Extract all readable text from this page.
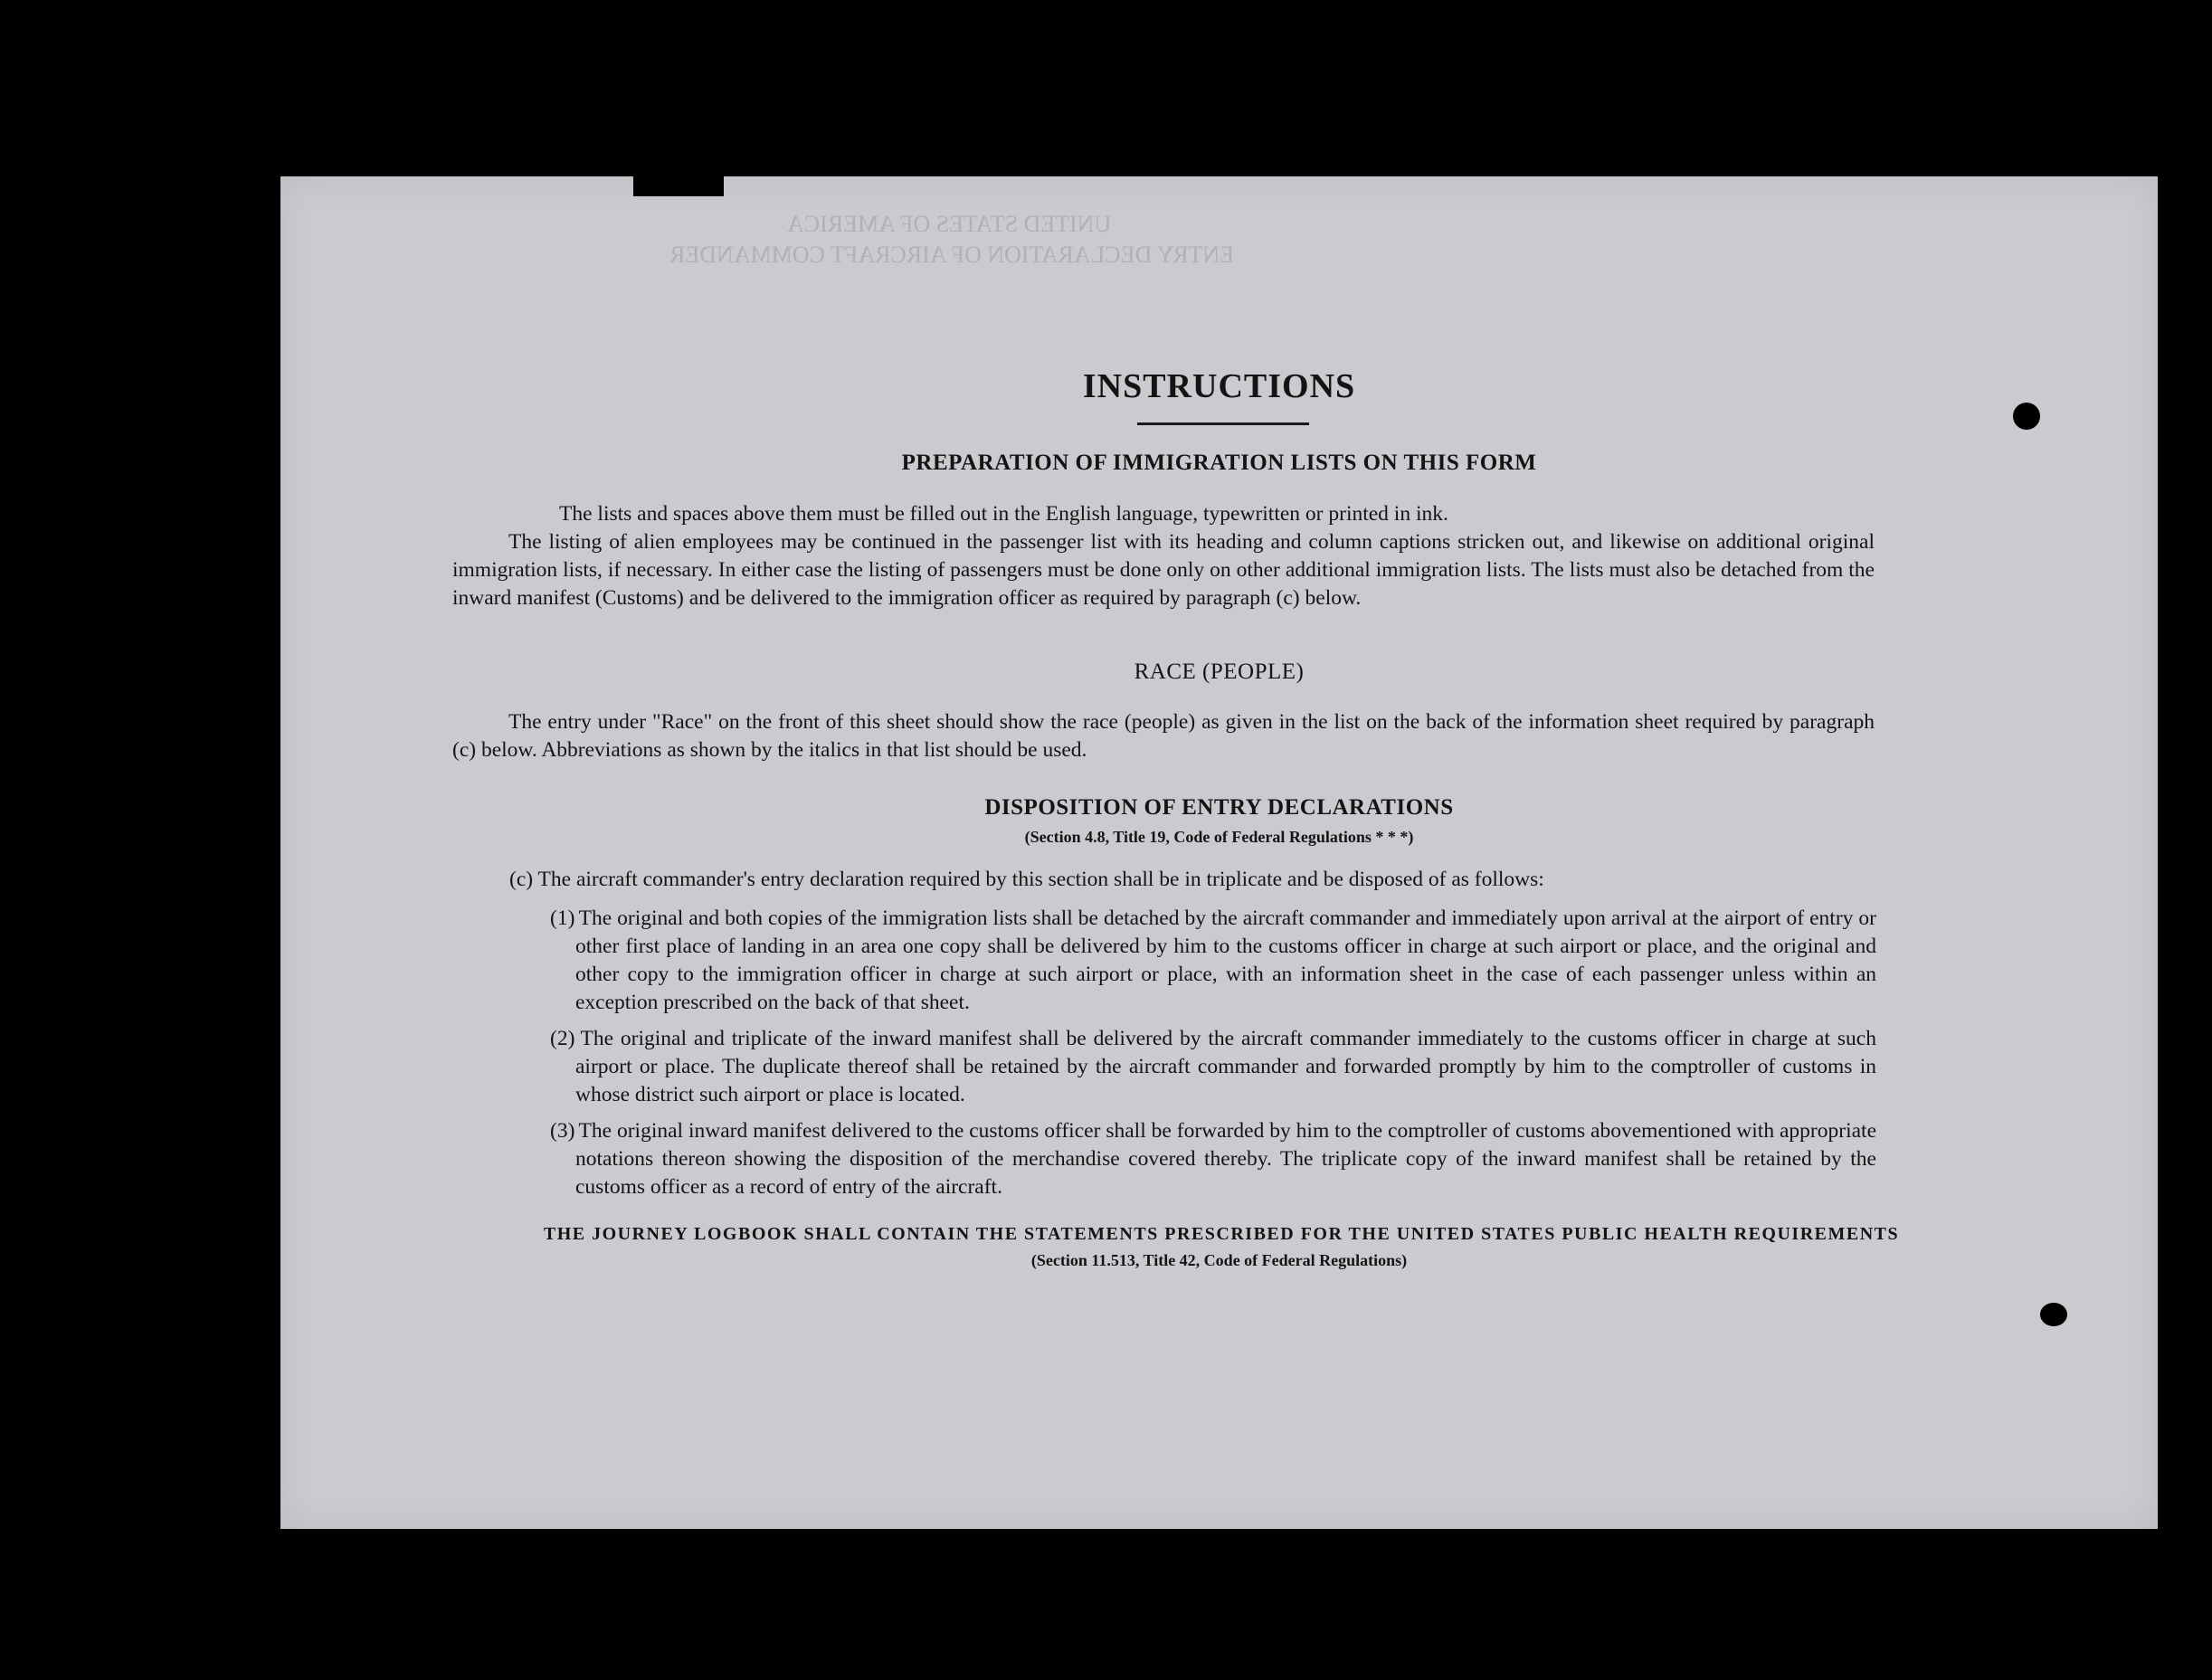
UNITED STATES OF AMERICA
ENTRY DECLARATION OF AIRCRAFT COMMANDER
INSTRUCTIONS
PREPARATION OF IMMIGRATION LISTS ON THIS FORM
The lists and spaces above them must be filled out in the English language, typewritten or printed in ink.
The listing of alien employees may be continued in the passenger list with its heading and column captions stricken out, and likewise on additional original immigration lists, if necessary. In either case the listing of passengers must be done only on other additional immigration lists. The lists must also be detached from the inward manifest (Customs) and be delivered to the immigration officer as required by paragraph (c) below.
RACE (PEOPLE)
The entry under "Race" on the front of this sheet should show the race (people) as given in the list on the back of the information sheet required by paragraph (c) below. Abbreviations as shown by the italics in that list should be used.
DISPOSITION OF ENTRY DECLARATIONS
(Section 4.8, Title 19, Code of Federal Regulations * * *)
(c) The aircraft commander's entry declaration required by this section shall be in triplicate and be disposed of as follows:
(1) The original and both copies of the immigration lists shall be detached by the aircraft commander and immediately upon arrival at the airport of entry or other first place of landing in an area one copy shall be delivered by him to the customs officer in charge at such airport or place, and the original and other copy to the immigration officer in charge at such airport or place, with an information sheet in the case of each passenger unless within an exception prescribed on the back of that sheet.
(2) The original and triplicate of the inward manifest shall be delivered by the aircraft commander immediately to the customs officer in charge at such airport or place. The duplicate thereof shall be retained by the aircraft commander and forwarded promptly by him to the comptroller of customs in whose district such airport or place is located.
(3) The original inward manifest delivered to the customs officer shall be forwarded by him to the comptroller of customs abovementioned with appropriate notations thereon showing the disposition of the merchandise covered thereby. The triplicate copy of the inward manifest shall be retained by the customs officer as a record of entry of the aircraft.
THE JOURNEY LOGBOOK SHALL CONTAIN THE STATEMENTS PRESCRIBED FOR THE UNITED STATES PUBLIC HEALTH REQUIREMENTS
(Section 11.513, Title 42, Code of Federal Regulations)
